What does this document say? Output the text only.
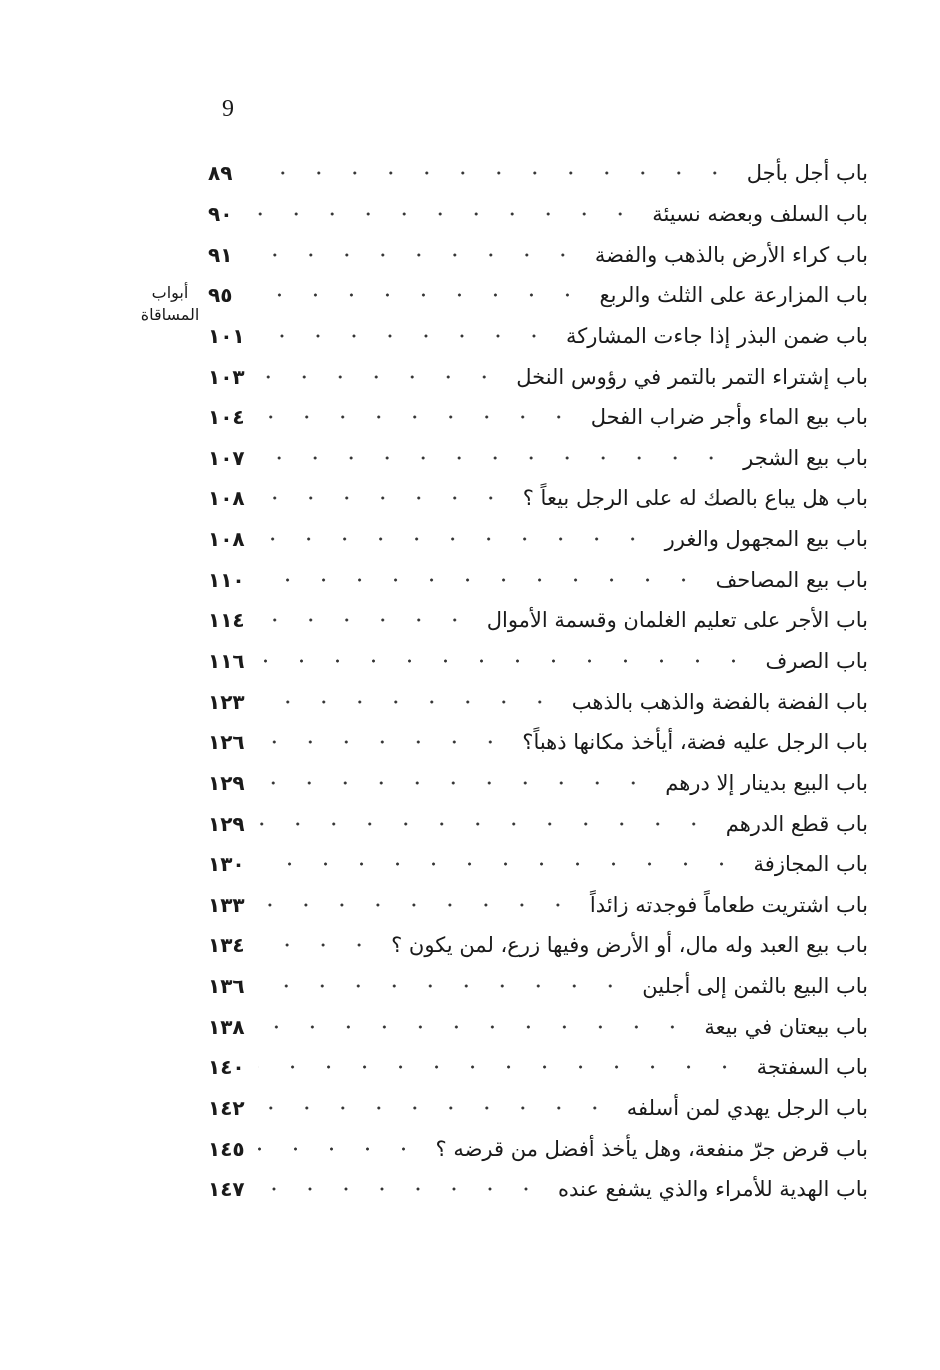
9
أبواب
المساقاة
باب أجل بأجل
٨٩
باب السلف وبعضه نسيئة
٩٠
باب كراء الأرض بالذهب والفضة
٩١
باب المزارعة على الثلث والربع
٩٥
باب ضمن البذر إذا جاءت المشاركة
١٠١
باب إشتراء التمر بالتمر في رؤوس النخل
١٠٣
باب بيع الماء وأجر ضراب الفحل
١٠٤
باب بيع الشجر
١٠٧
باب هل يباع بالصك له على الرجل بيعاً ؟
١٠٨
باب بيع المجهول والغرر
١٠٨
باب بيع المصاحف
١١٠
باب الأجر على تعليم الغلمان وقسمة الأموال
١١٤
باب الصرف
١١٦
باب الفضة بالفضة والذهب بالذهب
١٢٣
باب الرجل عليه فضة، أيأخذ مكانها ذهباً؟
١٢٦
باب البيع بدينار إلا درهم
١٢٩
باب قطع الدرهم
١٢٩
باب المجازفة
١٣٠
باب اشتريت طعاماً فوجدته زائداً
١٣٣
باب بيع العبد وله مال، أو الأرض وفيها زرع، لمن يكون ؟
١٣٤
باب البيع بالثمن إلى أجلين
١٣٦
باب بيعتان في بيعة
١٣٨
باب السفتجة
١٤٠
باب الرجل يهدي لمن أسلفه
١٤٢
باب قرض جرّ منفعة، وهل يأخذ أفضل من قرضه ؟
١٤٥
باب الهدية للأمراء والذي يشفع عنده
١٤٧
